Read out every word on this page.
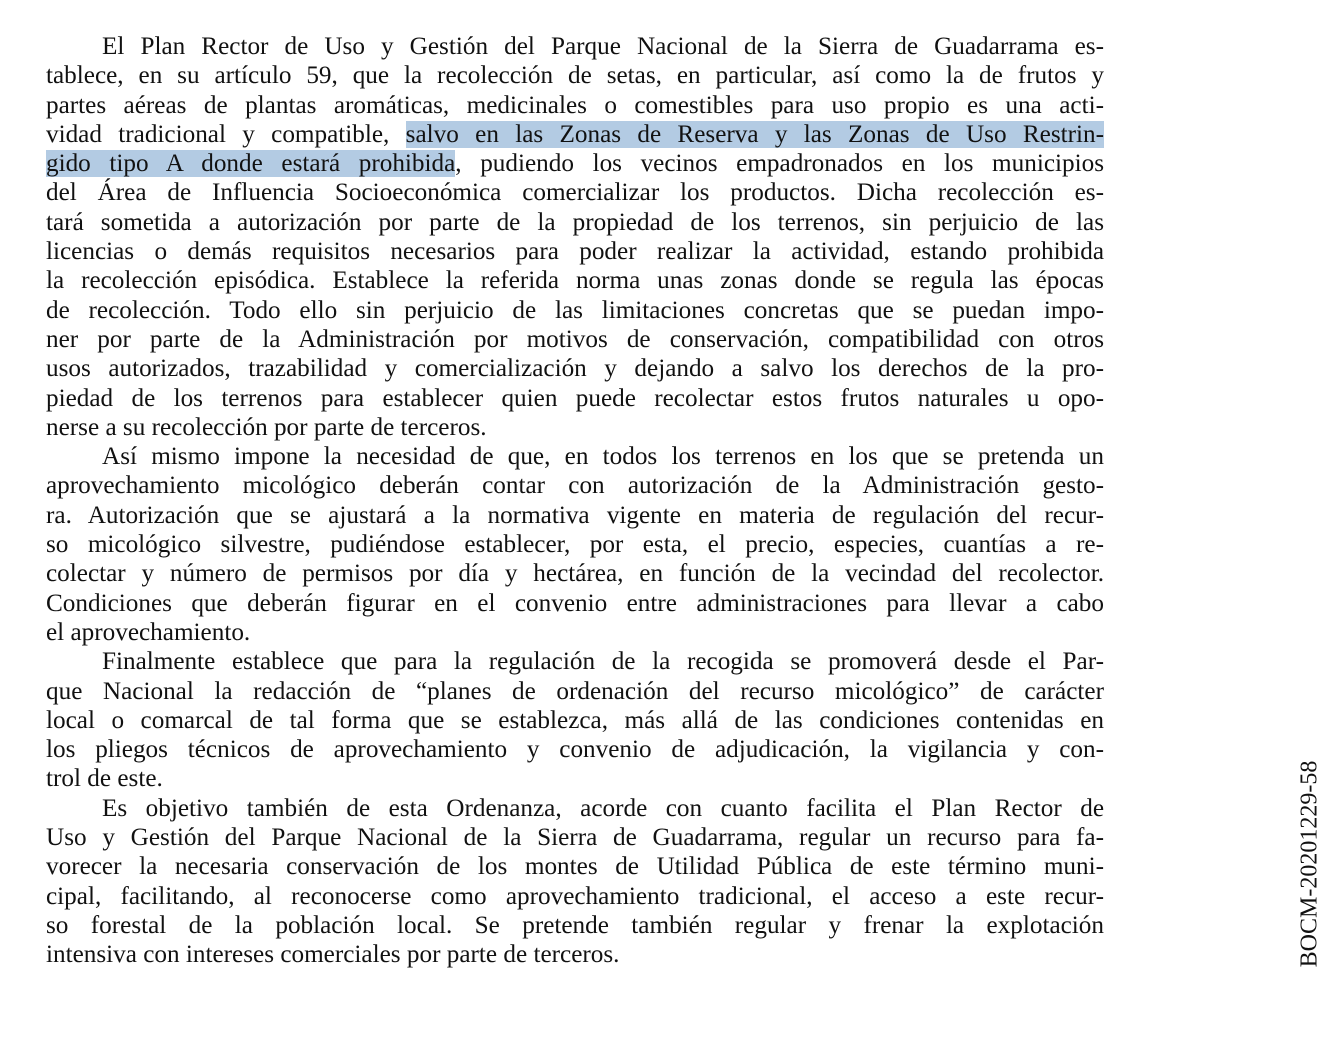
El Plan Rector de Uso y Gestión del Parque Nacional de la Sierra de Guadarrama es-
tablece, en su artículo 59, que la recolección de setas, en particular, así como la de frutos y
partes aéreas de plantas aromáticas, medicinales o comestibles para uso propio es una acti-
vidad tradicional y compatible, salvo en las Zonas de Reserva y las Zonas de Uso Restrin-
gido tipo A donde estará prohibida, pudiendo los vecinos empadronados en los municipios
del Área de Influencia Socioeconómica comercializar los productos. Dicha recolección es-
tará sometida a autorización por parte de la propiedad de los terrenos, sin perjuicio de las
licencias o demás requisitos necesarios para poder realizar la actividad, estando prohibida
la recolección episódica. Establece la referida norma unas zonas donde se regula las épocas
de recolección. Todo ello sin perjuicio de las limitaciones concretas que se puedan impo-
ner por parte de la Administración por motivos de conservación, compatibilidad con otros
usos autorizados, trazabilidad y comercialización y dejando a salvo los derechos de la pro-
piedad de los terrenos para establecer quien puede recolectar estos frutos naturales u opo-
nerse a su recolección por parte de terceros.
Así mismo impone la necesidad de que, en todos los terrenos en los que se pretenda un
aprovechamiento micológico deberán contar con autorización de la Administración gesto-
ra. Autorización que se ajustará a la normativa vigente en materia de regulación del recur-
so micológico silvestre, pudiéndose establecer, por esta, el precio, especies, cuantías a re-
colectar y número de permisos por día y hectárea, en función de la vecindad del recolector.
Condiciones que deberán figurar en el convenio entre administraciones para llevar a cabo
el aprovechamiento.
Finalmente establece que para la regulación de la recogida se promoverá desde el Par-
que Nacional la redacción de “planes de ordenación del recurso micológico” de carácter
local o comarcal de tal forma que se establezca, más allá de las condiciones contenidas en
los pliegos técnicos de aprovechamiento y convenio de adjudicación, la vigilancia y con-
trol de este.
Es objetivo también de esta Ordenanza, acorde con cuanto facilita el Plan Rector de
Uso y Gestión del Parque Nacional de la Sierra de Guadarrama, regular un recurso para fa-
vorecer la necesaria conservación de los montes de Utilidad Pública de este término muni-
cipal, facilitando, al reconocerse como aprovechamiento tradicional, el acceso a este recur-
so forestal de la población local. Se pretende también regular y frenar la explotación
intensiva con intereses comerciales por parte de terceros.	BOCM-20201229-58
